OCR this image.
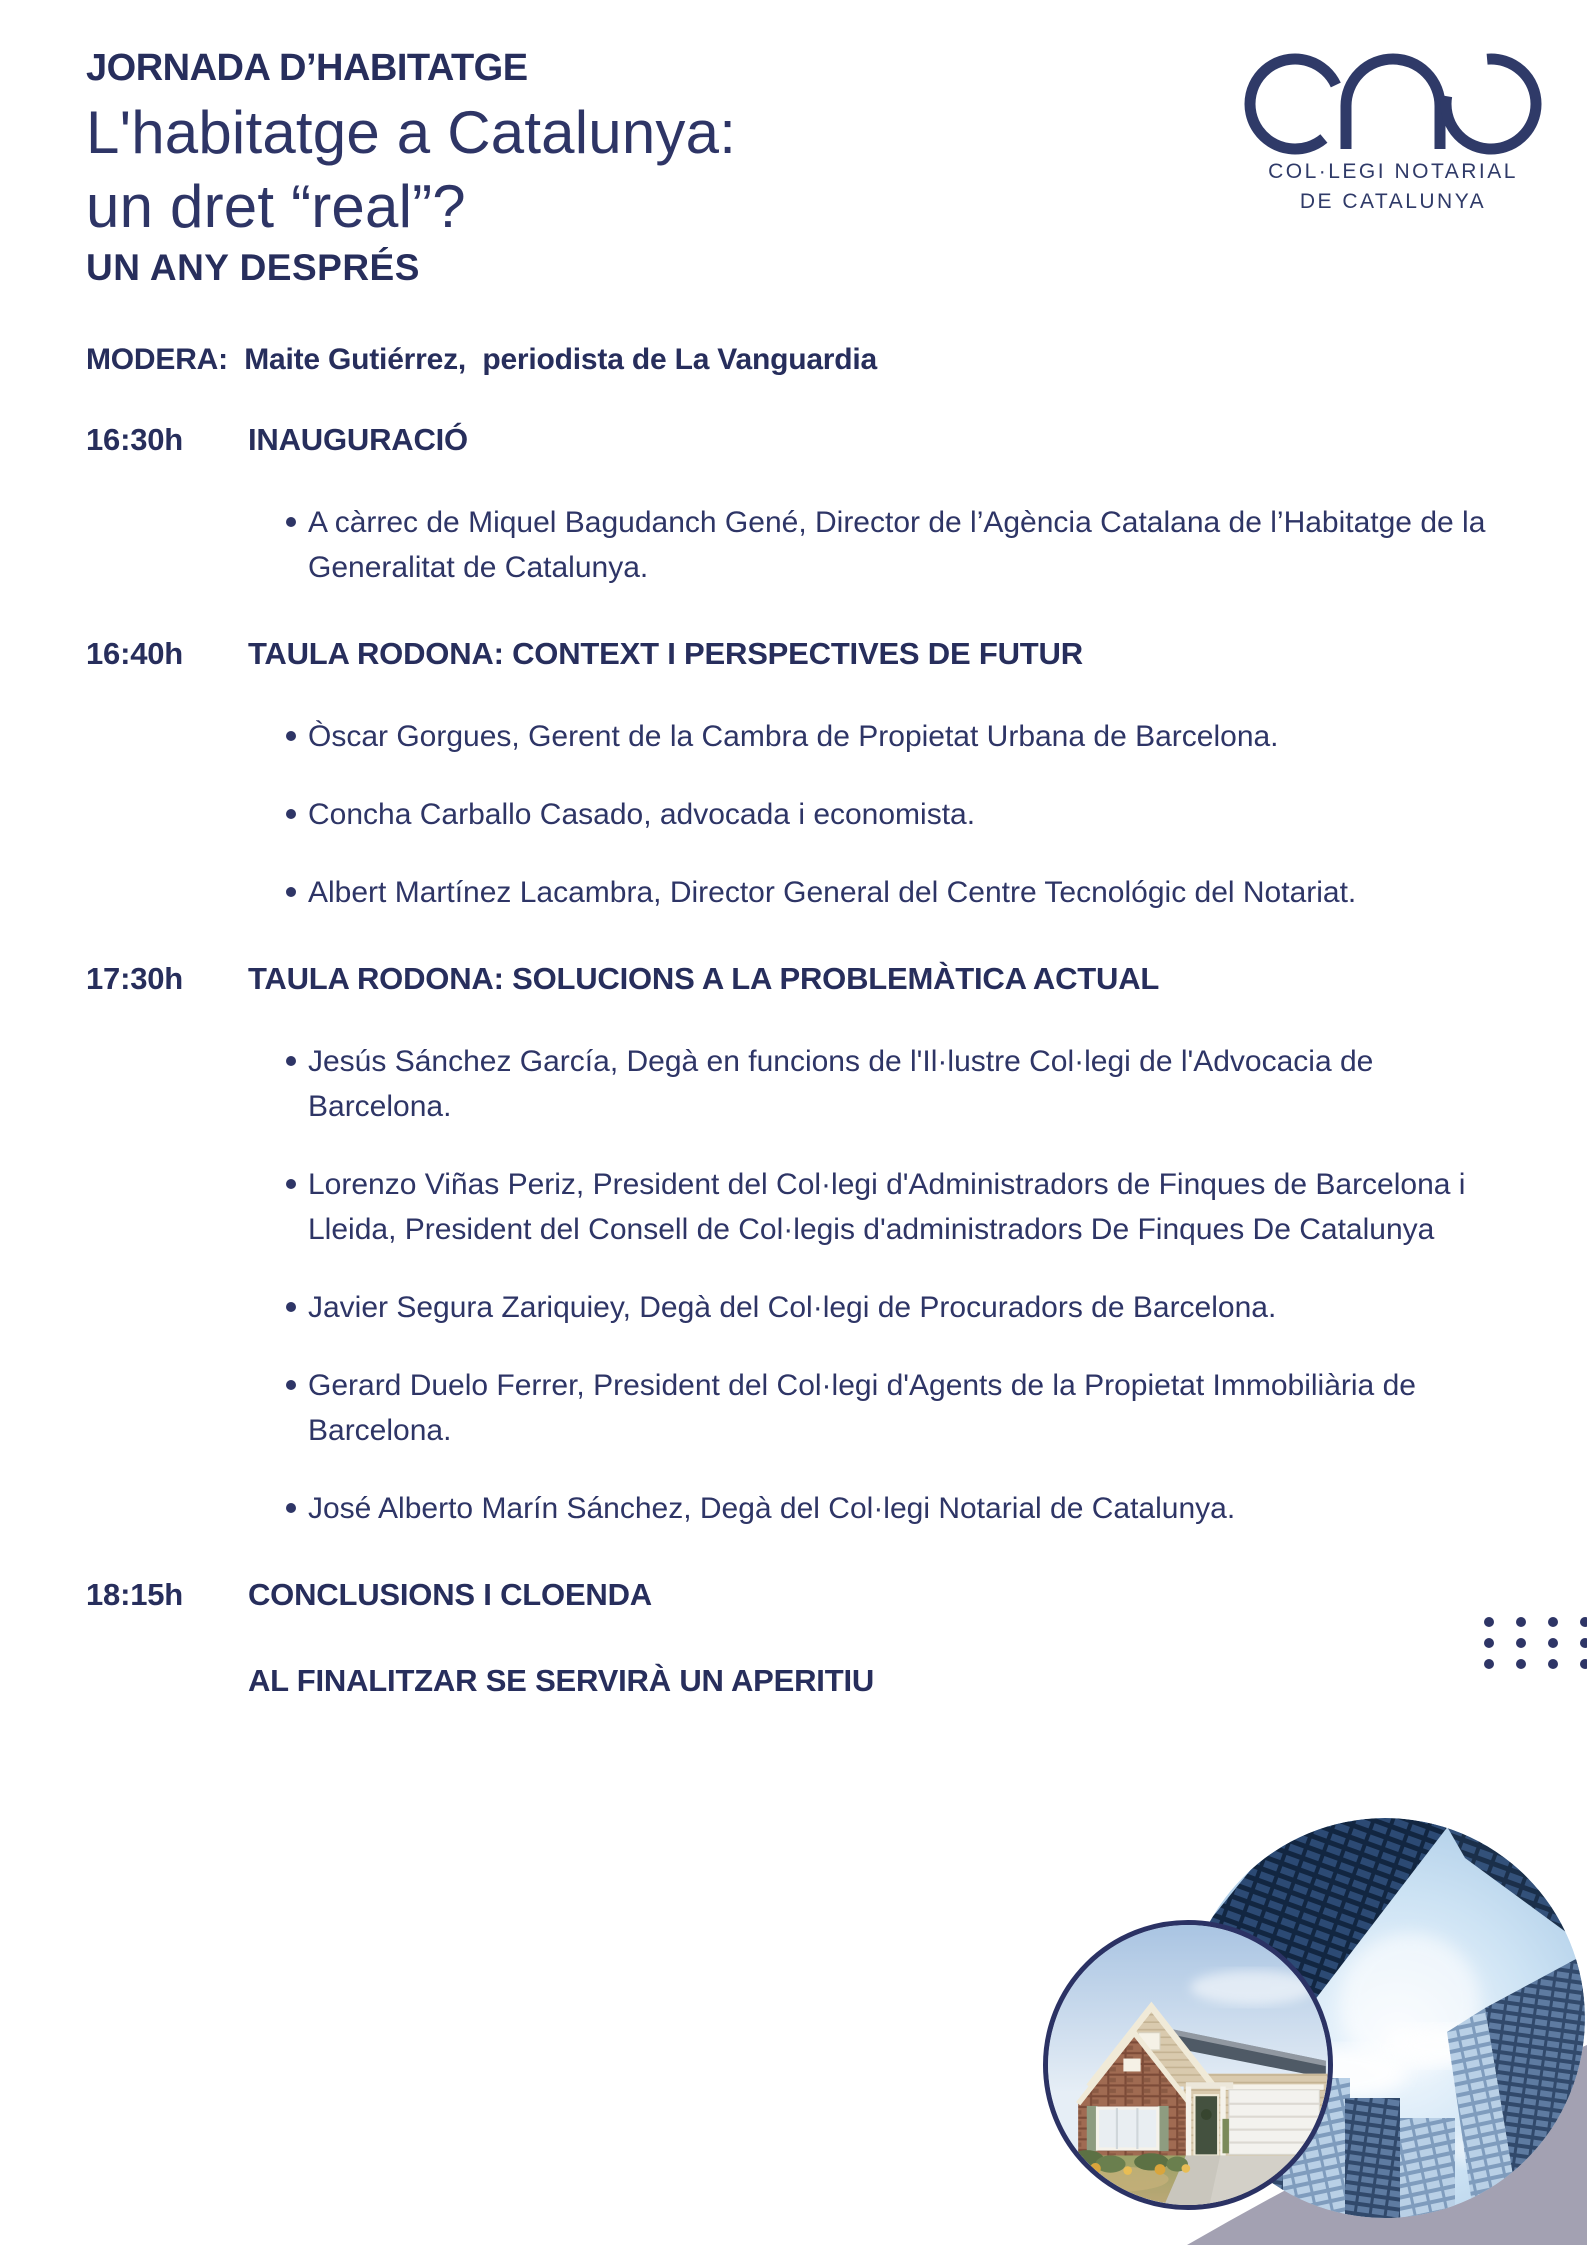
JORNADA D’HABITATGE
L'habitatge a Catalunya:
un dret “real”?
UN ANY DESPRÉS
COL·LEGI NOTARIAL
DE CATALUNYA
MODERA:  Maite Gutiérrez,  periodista de La Vanguardia
16:30h	INAUGURACIÓ
A càrrec de Miquel Bagudanch Gené, Director de l’Agència Catalana de l’Habitatge de la Generalitat de Catalunya.
16:40h	TAULA RODONA: CONTEXT I PERSPECTIVES DE FUTUR
Òscar Gorgues, Gerent de la Cambra de Propietat Urbana de Barcelona.
Concha Carballo Casado, advocada i economista.
Albert Martínez Lacambra, Director General del Centre Tecnológic del Notariat.
17:30h	TAULA RODONA: SOLUCIONS A LA PROBLEMÀTICA ACTUAL
Jesús Sánchez García, Degà en funcions de l'Il·lustre Col·legi de l'Advocacia de Barcelona.
Lorenzo Viñas Periz, President del Col·legi d'Administradors de Finques de Barcelona i Lleida, President del Consell de Col·legis d'administradors De Finques De Catalunya
Javier Segura Zariquiey, Degà del Col·legi de Procuradors de Barcelona.
Gerard Duelo Ferrer, President del Col·legi d'Agents de la Propietat Immobiliària de Barcelona.
José Alberto Marín Sánchez, Degà del Col·legi Notarial de Catalunya.
18:15h	CONCLUSIONS I CLOENDA
AL FINALITZAR SE SERVIRÀ UN APERITIU
